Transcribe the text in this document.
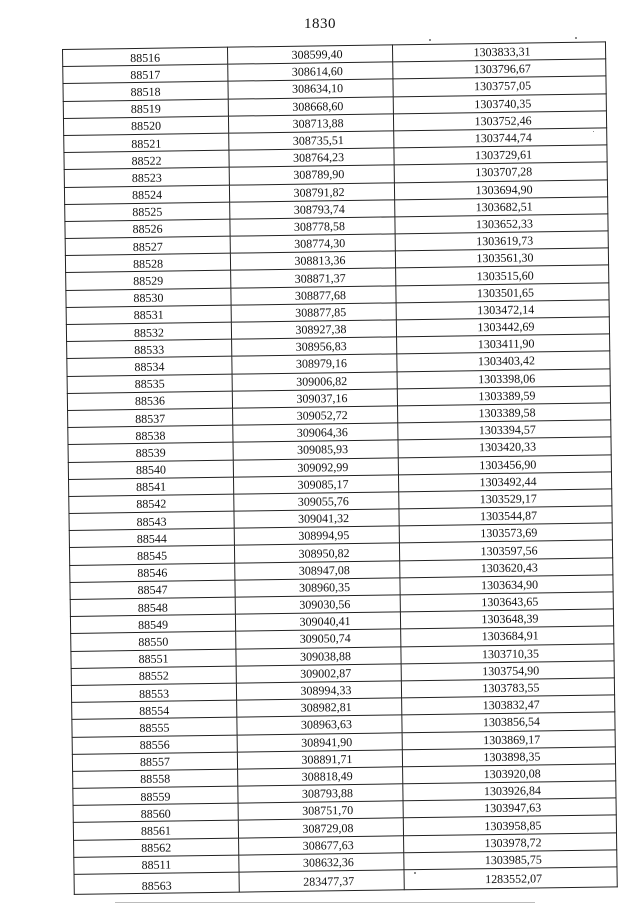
1830
88516	308599,40	1303833,31
88517	308614,60	1303796,67
88518	308634,10	1303757,05
88519	308668,60	1303740,35
88520	308713,88	1303752,46
88521	308735,51	1303744,74
88522	308764,23	1303729,61
88523	308789,90	1303707,28
88524	308791,82	1303694,90
88525	308793,74	1303682,51
88526	308778,58	1303652,33
88527	308774,30	1303619,73
88528	308813,36	1303561,30
88529	308871,37	1303515,60
88530	308877,68	1303501,65
88531	308877,85	1303472,14
88532	308927,38	1303442,69
88533	308956,83	1303411,90
88534	308979,16	1303403,42
88535	309006,82	1303398,06
88536	309037,16	1303389,59
88537	309052,72	1303389,58
88538	309064,36	1303394,57
88539	309085,93	1303420,33
88540	309092,99	1303456,90
88541	309085,17	1303492,44
88542	309055,76	1303529,17
88543	309041,32	1303544,87
88544	308994,95	1303573,69
88545	308950,82	1303597,56
88546	308947,08	1303620,43
88547	308960,35	1303634,90
88548	309030,56	1303643,65
88549	309040,41	1303648,39
88550	309050,74	1303684,91
88551	309038,88	1303710,35
88552	309002,87	1303754,90
88553	308994,33	1303783,55
88554	308982,81	1303832,47
88555	308963,63	1303856,54
88556	308941,90	1303869,17
88557	308891,71	1303898,35
88558	308818,49	1303920,08
88559	308793,88	1303926,84
88560	308751,70	1303947,63
88561	308729,08	1303958,85
88562	308677,63	1303978,72
88511	308632,36	1303985,75
88563	283477,37	1283552,07
